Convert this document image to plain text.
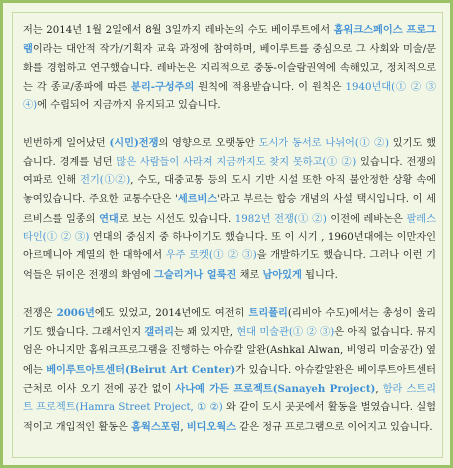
저는 2014년 1월 2일에서 8월 3일까지 레바논의 수도 베이루트에서 홈워크스페이스 프로그램이라는 대안적 작가/기획자 교육 과정에 참여하며, 베이루트를 중심으로 그 사회와 미술/문화를 경험하고 연구했습니다. 레바논은 지리적으로 중동-이슬람권역에 속해있고, 정치적으로는 각 종교/종파에 따른 분리-구성주의 원칙에 적용받습니다. 이 원칙은 1940년대(① ② ③ ④)에 수립되어 지금까지 유지되고 있습니다.

빈번하게 일어났던 (시민)전쟁의 영향으로 오랫동안 도시가 동서로 나뉘어(① ②) 있기도 했습니다. 경계를 넘던 많은 사람들이 사라져 지금까지도 찾지 못하고(① ②) 있습니다. 전쟁의 여파로 인해 전기(①②), 수도, 대중교통 등의 도시 기반 시설 또한 아직 불안정한 상황 속에 놓여있습니다. 주요한 교통수단은 '세르비스'라고 부르는 합승 개념의 사설 택시입니다. 이 세르비스를 일종의 연대로 보는 시선도 있습니다. 1982년 전쟁(① ②) 이전에 레바논은 팔레스타인(① ② ③) 연대의 중심지 중 하나이기도 했습니다. 또 이 시기 , 1960년대에는 이만자인 아르메니아 계열의 한 대학에서 우주 로켓(① ② ③)을 개발하기도 했습니다. 그러나 이런 기억들은 뒤이은 전쟁의 화염에 그슬리거나 얼룩진 채로 남아있게 됩니다.

전쟁은 2006년에도 있었고, 2014년에도 여전히 트리폴리(리비아 수도)에서는 총성이 울리기도 했습니다. 그래서인지 갤러리는 꽤 있지만, 현대 미술관(① ② ③)은 아직 없습니다. 뮤지엄은 아니지만 홈워크프로그램을 진행하는 아슈칼 알완(Ashkal Alwan, 비영리 미술공간) 옆에는 베이루트아트센터(Beirut Art Center)가 있습니다. 아슈칼알완은 베이루트아트센터 근처로 이사 오기 전에 공간 없이 사나예 가든 프로젝트(Sanayeh Project), 함라 스트리트 프로젝트(Hamra Street Project, ① ②) 와 같이 도시 곳곳에서 활동을 벌였습니다. 실험적이고 개입적인 활동은 홈웍스포럼, 비디오웍스 같은 정규 프로그램으로 이어지고 있습니다.
